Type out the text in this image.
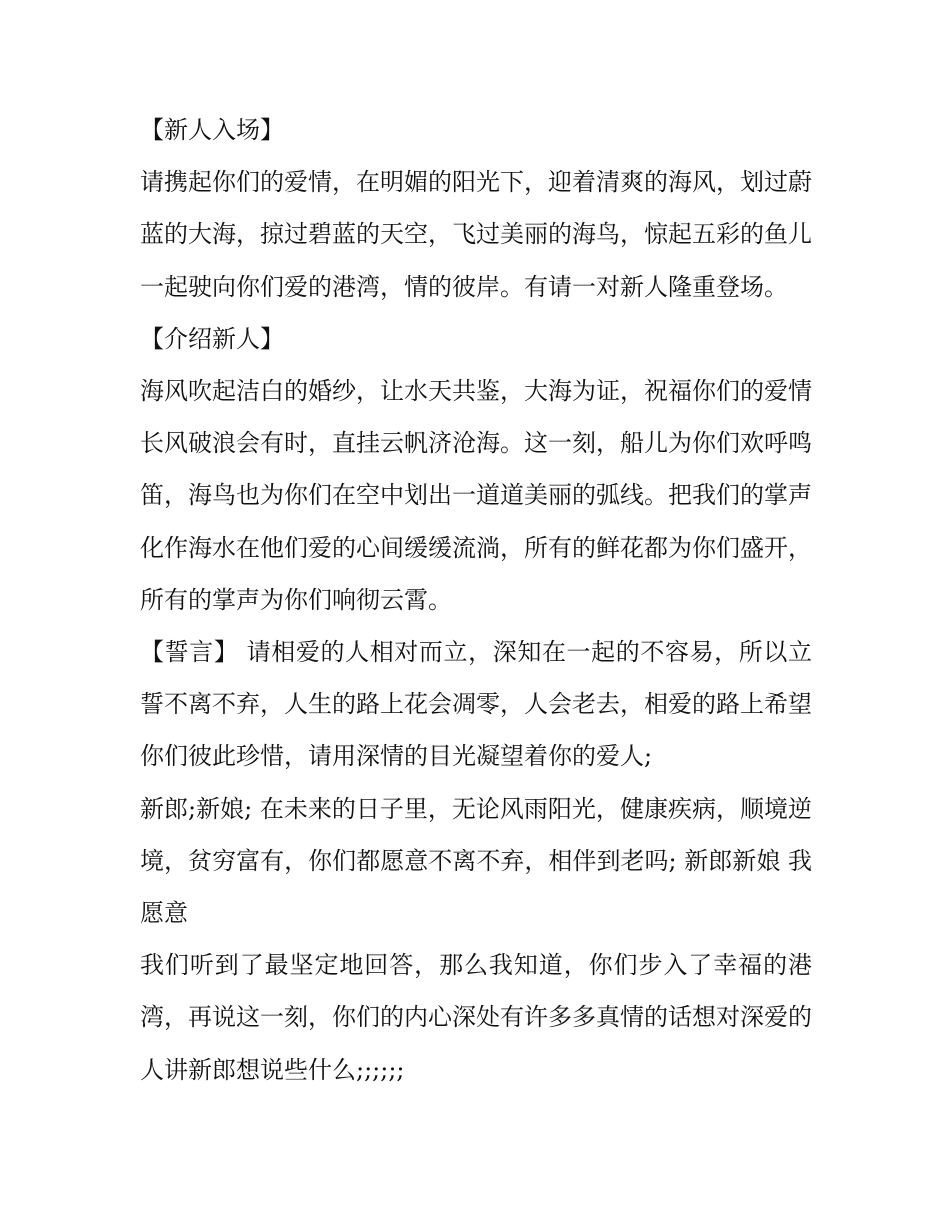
【新人入场】

请携起你们的爱情，在明媚的阳光下，迎着清爽的海风，划过蔚蓝的大海，掠过碧蓝的天空，飞过美丽的海鸟，惊起五彩的鱼儿一起驶向你们爱的港湾，情的彼岸。有请一对新人隆重登场。

【介绍新人】

海风吹起洁白的婚纱，让水天共鉴，大海为证，祝福你们的爱情长风破浪会有时，直挂云帆济沧海。这一刻，船儿为你们欢呼鸣笛，海鸟也为你们在空中划出一道道美丽的弧线。把我们的掌声化作海水在他们爱的心间缓缓流淌，所有的鲜花都为你们盛开，所有的掌声为你们响彻云霄。

【誓言】 请相爱的人相对而立，深知在一起的不容易，所以立誓不离不弃，人生的路上花会凋零，人会老去，相爱的路上希望你们彼此珍惜，请用深情的目光凝望着你的爱人;

新郎;新娘; 在未来的日子里，无论风雨阳光，健康疾病，顺境逆境，贫穷富有，你们都愿意不离不弃，相伴到老吗; 新郎新娘 我愿意

我们听到了最坚定地回答，那么我知道，你们步入了幸福的港湾，再说这一刻，你们的内心深处有许多多真情的话想对深爱的人讲新郎想说些什么;;;;;;
